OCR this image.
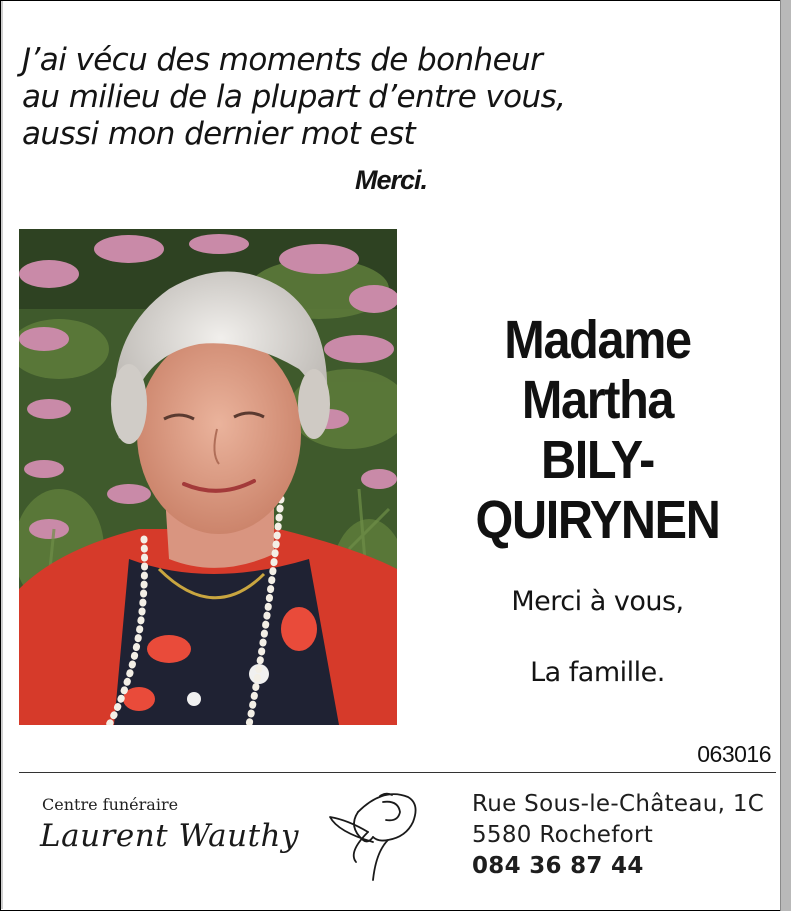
J’ai vécu des moments de bonheur
au milieu de la plupart d’entre vous,
aussi mon dernier mot est
Merci.
Madame
Martha
BILY-QUIRYNEN
Merci à vous,
La famille.
063016
Centre funéraire
Laurent Wauthy
Rue Sous-le-Château, 1C
5580 Rochefort
084 36 87 44
